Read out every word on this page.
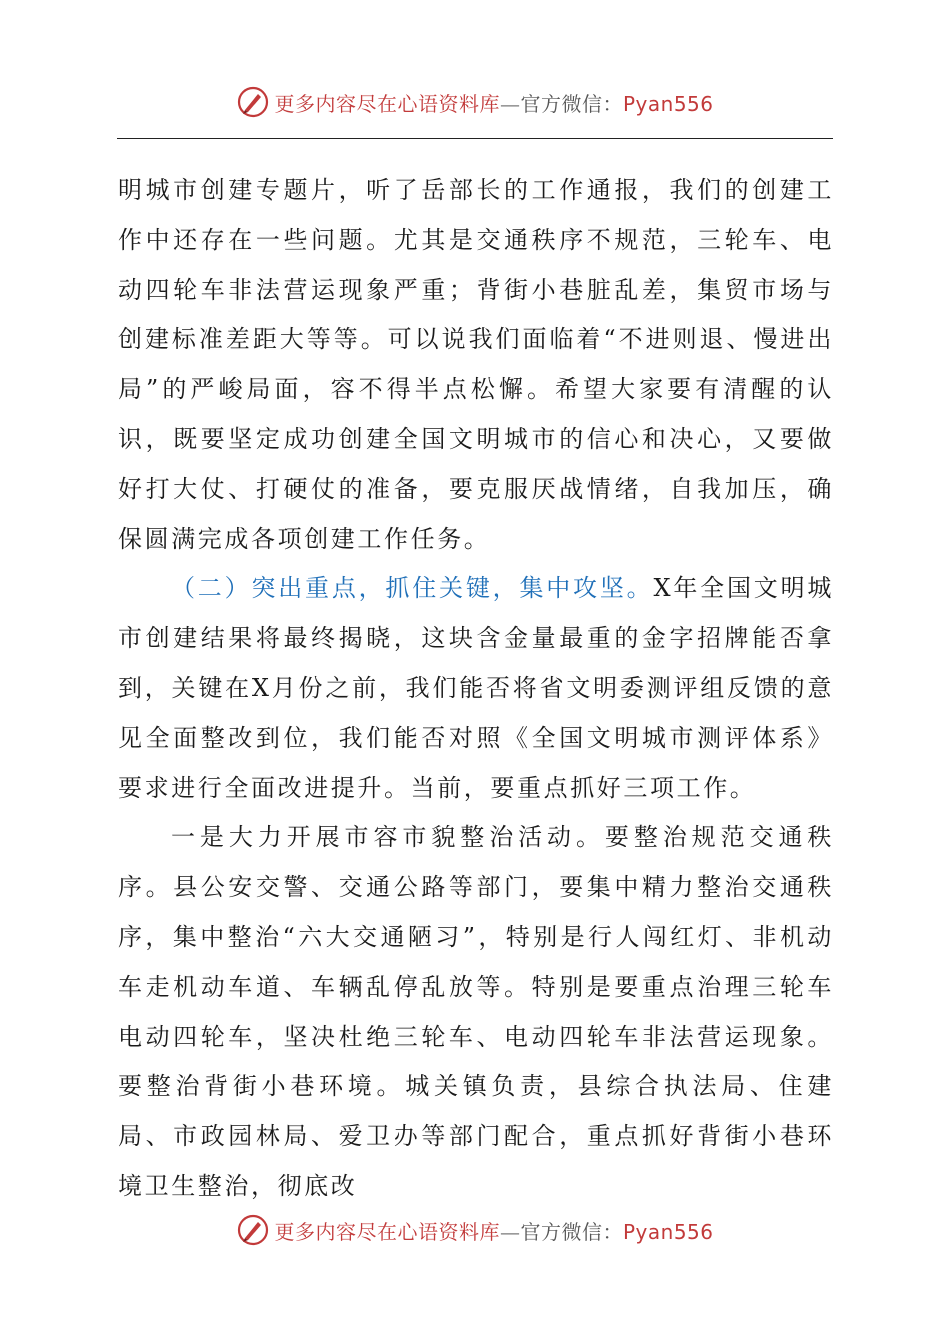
更多内容尽在心语资料库—官方微信：Pyan556

明城市创建专题片，听了岳部长的工作通报，我们的创建工作中还存在一些问题。尤其是交通秩序不规范，三轮车、电动四轮车非法营运现象严重；背街小巷脏乱差，集贸市场与创建标准差距大等等。可以说我们面临着“不进则退、慢进出局”的严峻局面，容不得半点松懈。希望大家要有清醒的认识，既要坚定成功创建全国文明城市的信心和决心，又要做好打大仗、打硬仗的准备，要克服厌战情绪，自我加压，确保圆满完成各项创建工作任务。

（二）突出重点，抓住关键，集中攻坚。X年全国文明城市创建结果将最终揭晓，这块含金量最重的金字招牌能否拿到，关键在X月份之前，我们能否将省文明委测评组反馈的意见全面整改到位，我们能否对照《全国文明城市测评体系》要求进行全面改进提升。当前，要重点抓好三项工作。

一是大力开展市容市貌整治活动。要整治规范交通秩序。县公安交警、交通公路等部门，要集中精力整治交通秩序，集中整治“六大交通陋习”，特别是行人闯红灯、非机动车走机动车道、车辆乱停乱放等。特别是要重点治理三轮车电动四轮车，坚决杜绝三轮车、电动四轮车非法营运现象。要整治背街小巷环境。城关镇负责，县综合执法局、住建局、市政园林局、爱卫办等部门配合，重点抓好背街小巷环境卫生整治，彻底改

更多内容尽在心语资料库—官方微信：Pyan556
